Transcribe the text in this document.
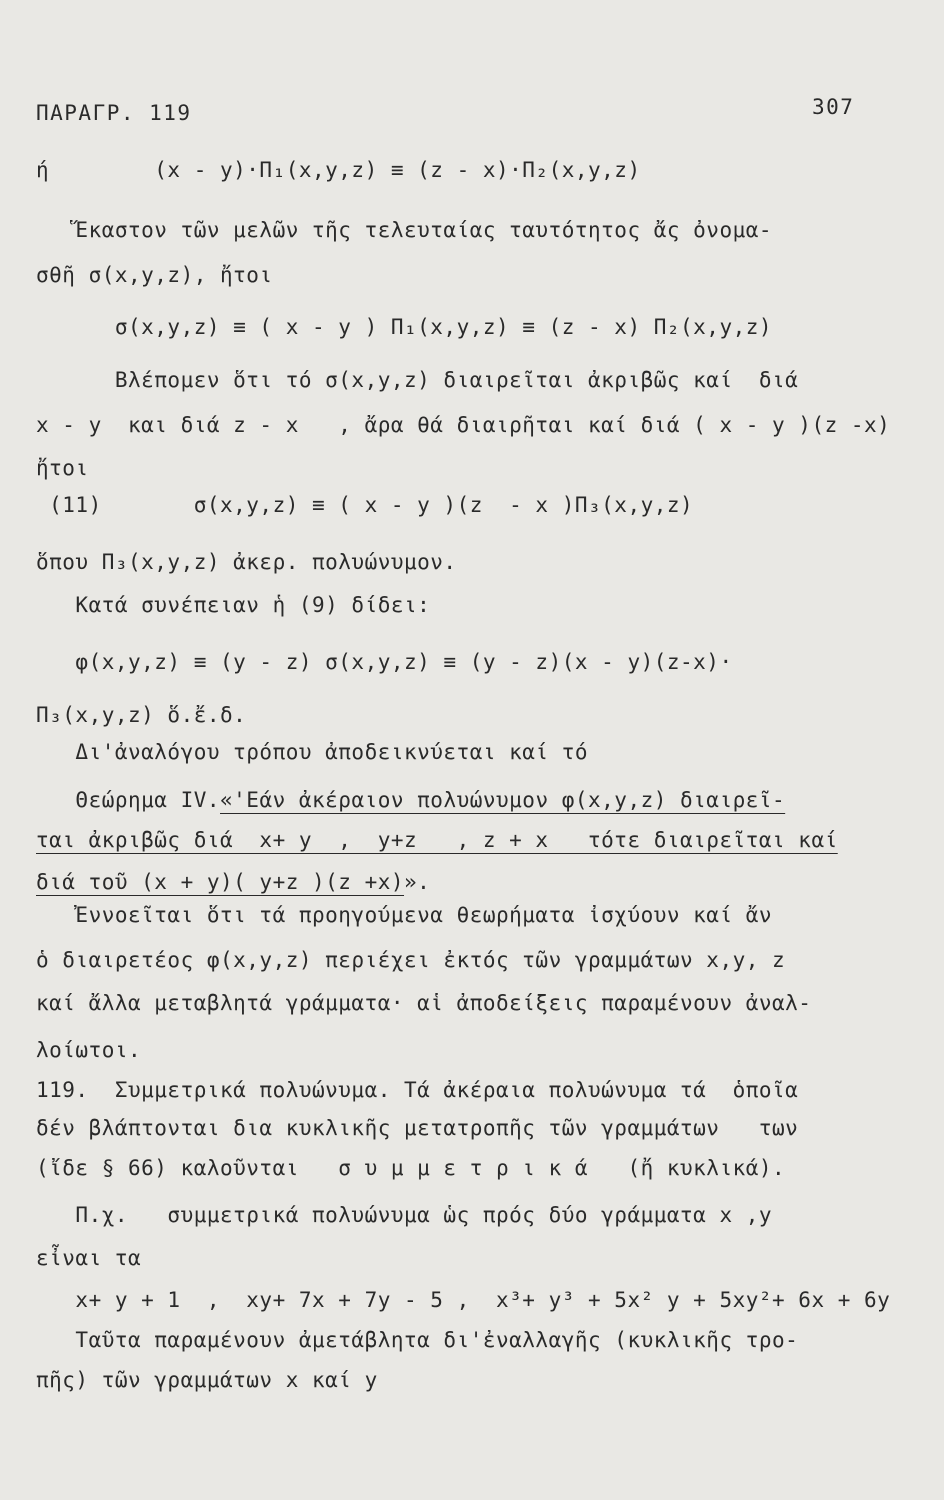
ΠΑΡΑΓΡ. 119	307
ή        (x - y)·Π₁(x,y,z) ≡ (z - x)·Π₂(x,y,z)
Ἕκαστον τῶν μελῶν τῆς τελευταίας ταυτότητος ἄς ὀνομα-
σθῆ σ(x,y,z), ἤτοι
σ(x,y,z) ≡ ( x - y ) Π₁(x,y,z) ≡ (z - x) Π₂(x,y,z)
Βλέπομεν ὅτι τό σ(x,y,z) διαιρεῖται ἀκριβῶς καί  διά
x - y  και διά z - x   , ἄρα θά διαιρῆται καί διά ( x - y )(z -x)
ἤτοι
(11)       σ(x,y,z) ≡ ( x - y )(z  - x )Π₃(x,y,z)
ὅπου Π₃(x,y,z) ἀκερ. πολυώνυμον.
Κατά συνέπειαν ἡ (9) δίδει:
φ(x,y,z) ≡ (y - z) σ(x,y,z) ≡ (y - z)(x - y)(z-x)·
Π₃(x,y,z) ὅ.ἔ.δ.
Δι'ἀναλόγου τρόπου ἀποδεικνύεται καί τό
Θεώρημα IV.«'Εάν ἀκέραιον πολυώνυμον φ(x,y,z) διαιρεῖ-
ται ἀκριβῶς διά  x+ y  ,  y+z   , z + x   τότε διαιρεῖται καί
διά τοῦ (x + y)( y+z )(z +x)».
Ἐννοεῖται ὅτι τά προηγούμενα θεωρήματα ἰσχύουν καί ἄν
ὁ διαιρετέος φ(x,y,z) περιέχει ἐκτός τῶν γραμμάτων x,y, z
καί ἄλλα μεταβλητά γράμματα· αἱ ἀποδείξεις παραμένουν ἀναλ-
λοίωτοι.
119.  Συμμετρικά πολυώνυμα. Τά ἀκέραια πολυώνυμα τά  ὁποῖα
δέν βλάπτονται δια κυκλικῆς μετατροπῆς τῶν γραμμάτων   των
(ἴδε § 66) καλοῦνται   σ υ μ μ ε τ ρ ι κ ά   (ἤ κυκλικά).
Π.χ.   συμμετρικά πολυώνυμα ὡς πρός δύο γράμματα x ,y
εἶναι τα
x+ y + 1  ,  xy+ 7x + 7y - 5 ,  x³+ y³ + 5x² y + 5xy²+ 6x + 6y
Ταῦτα παραμένουν ἀμετάβλητα δι'ἐναλλαγῆς (κυκλικῆς τρο-
πῆς) τῶν γραμμάτων x καί y
